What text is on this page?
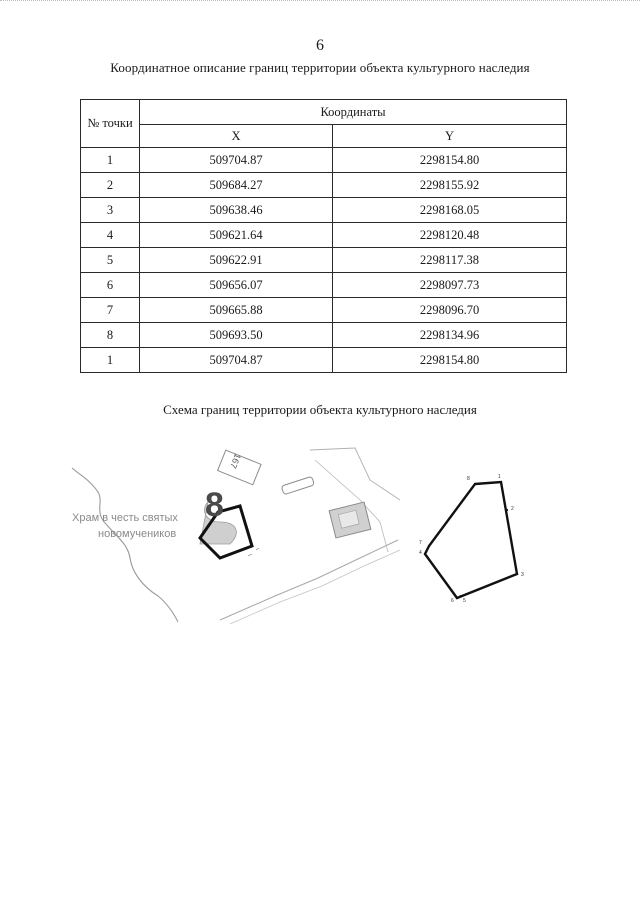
6
Координатное описание границ территории объекта культурного наследия
№ точки	Координаты	
	X	Y
1	509704.87	2298154.80
2	509684.27	2298155.92
3	509638.46	2298168.05
4	509621.64	2298120.48
5	509622.91	2298117.38
6	509656.07	2298097.73
7	509665.88	2298096.70
8	509693.50	2298134.96
1	509704.87	2298154.80
Схема границ территории объекта культурного наследия
Храм в честь святых
новомучеников
167
8
1
2
3
4
5
6
7
8
